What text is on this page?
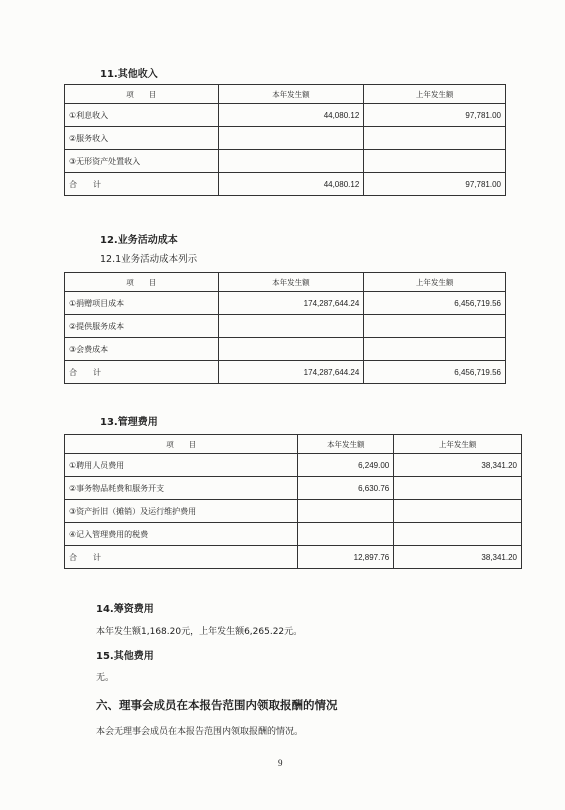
11.其他收入
项　　目	本年发生额	上年发生额
①利息收入	44,080.12	97,781.00
②服务收入		
③无形资产处置收入		
合　　计	44,080.12	97,781.00
12.业务活动成本
12.1业务活动成本列示
项　　目	本年发生额	上年发生额
①捐赠项目成本	174,287,644.24	6,456,719.56
②提供服务成本		
③会费成本		
合　　计	174,287,644.24	6,456,719.56
13.管理费用
项　　目	本年发生额	上年发生额
①聘用人员费用	6,249.00	38,341.20
②事务物品耗费和服务开支	6,630.76	
③资产折旧（摊销）及运行维护费用		
④记入管理费用的税费		
合　　计	12,897.76	38,341.20
14.筹资费用
本年发生额1,168.20元，上年发生额6,265.22元。
15.其他费用
无。
六、理事会成员在本报告范围内领取报酬的情况
本会无理事会成员在本报告范围内领取报酬的情况。
9
